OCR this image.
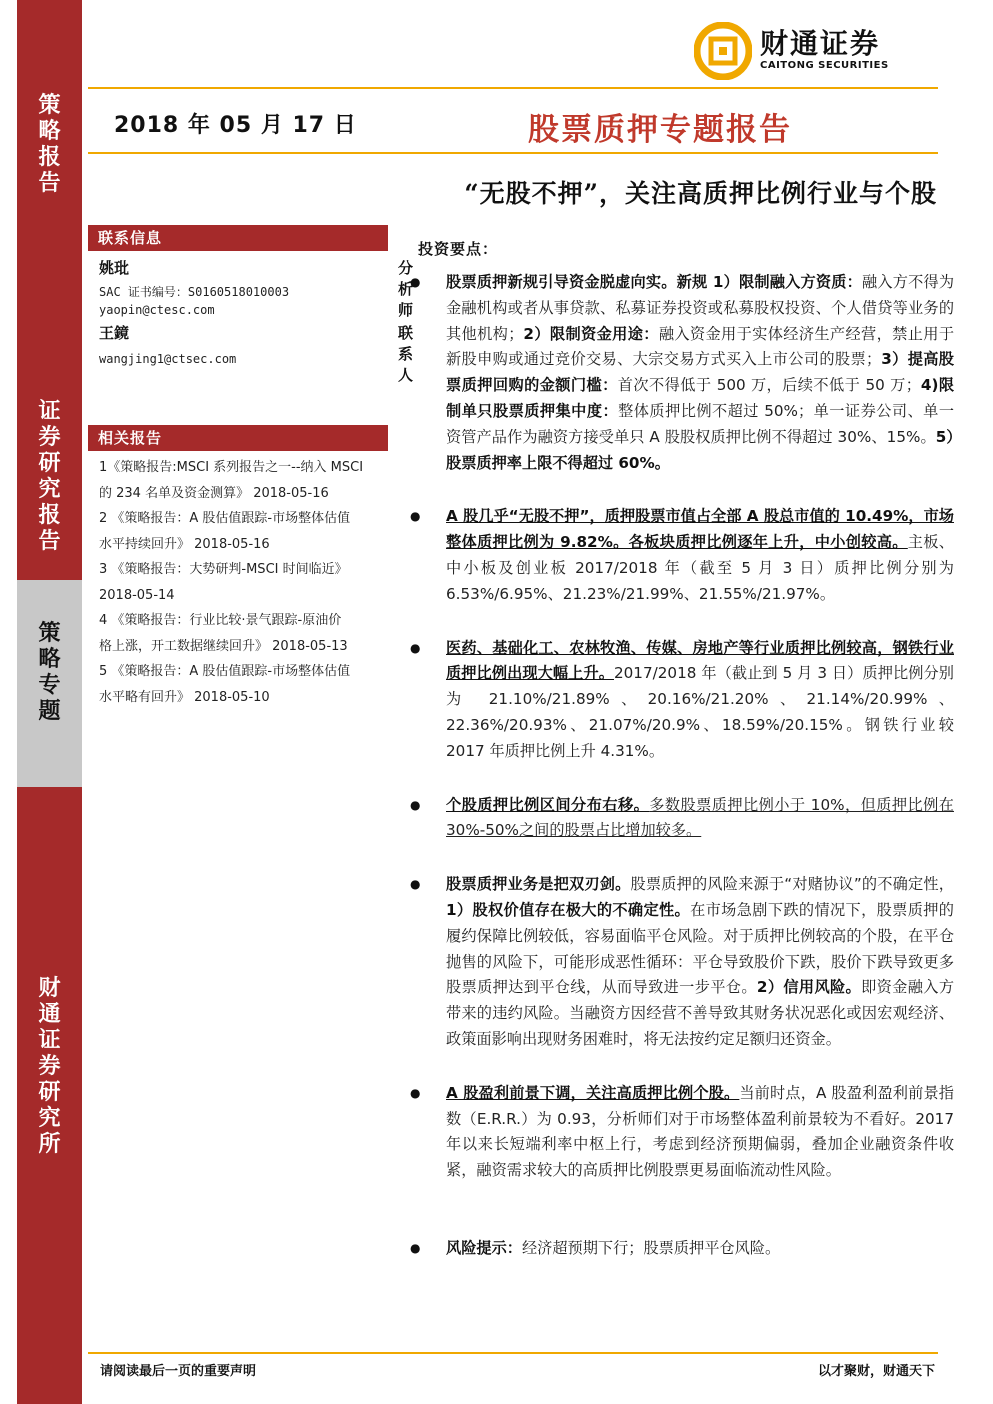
策
略
报
告
证
券
研
究
报
告
策
略
专
题
财
通
证
券
研
究
所
财通证券
CAITONG SECURITIES
2018 年 05 月 17 日	股票质押专题报告
“无股不押”，关注高质押比例行业与个股
联系信息
姚玭	分析师
SAC 证书编号：S0160518010003
yaopin@ctesc.com
王鏡	联系人
wangjing1@ctsec.com
相关报告

1《策略报告:MSCI 系列报告之一--纳入 MSCI

的 234 名单及资金测算》 2018-05-16

2 《策略报告：A 股估值跟踪-市场整体估值

水平持续回升》 2018-05-16

3 《策略报告：大势研判-MSCI 时间临近》

2018-05-14

4 《策略报告：行业比较·景气跟踪-原油价

格上涨，开工数据继续回升》 2018-05-13

5 《策略报告：A 股估值跟踪-市场整体估值

水平略有回升》 2018-05-10

投资要点：
● 股票质押新规引导资金脱虚向实。新规 1）限制融入方资质：融入方不得为金融机构或者从事贷款、私募证券投资或私募股权投资、个人借贷等业务的其他机构；2）限制资金用途：融入资金用于实体经济生产经营，禁止用于新股申购或通过竞价交易、大宗交易方式买入上市公司的股票；3）提高股票质押回购的金额门槛：首次不得低于 500 万，后续不低于 50 万；4)限制单只股票质押集中度：整体质押比例不超过 50%；单一证券公司、单一资管产品作为融资方接受单只 A 股股权质押比例不得超过 30%、15%。5）股票质押率上限不得超过 60%。
● A 股几乎“无股不押”，质押股票市值占全部 A 股总市值的 10.49%，市场整体质押比例为 9.82%。各板块质押比例逐年上升，中小创较高。主板、中小板及创业板 2017/2018 年（截至 5 月 3 日）质押比例分别为 6.53%/6.95%、21.23%/21.99%、21.55%/21.97%。
● 医药、基础化工、农林牧渔、传媒、房地产等行业质押比例较高，钢铁行业质押比例出现大幅上升。2017/2018 年（截止到 5 月 3 日）质押比例分别为 21.10%/21.89%、20.16%/21.20%、21.14%/20.99%、22.36%/20.93%、21.07%/20.9%、18.59%/20.15%。钢铁行业较 2017 年质押比例上升 4.31%。
● 个股质押比例区间分布右移。多数股票质押比例小于 10%，但质押比例在 30%-50%之间的股票占比增加较多。
● 股票质押业务是把双刃剑。股票质押的风险来源于“对赌协议”的不确定性，1）股权价值存在极大的不确定性。在市场急剧下跌的情况下，股票质押的履约保障比例较低，容易面临平仓风险。对于质押比例较高的个股，在平仓抛售的风险下，可能形成恶性循环：平仓导致股价下跌，股价下跌导致更多股票质押达到平仓线，从而导致进一步平仓。2）信用风险。即资金融入方带来的违约风险。当融资方因经营不善导致其财务状况恶化或因宏观经济、政策面影响出现财务困难时，将无法按约定足额归还资金。
● A 股盈利前景下调，关注高质押比例个股。当前时点，A 股盈利盈利前景指数（E.R.R.）为 0.93，分析师们对于市场整体盈利前景较为不看好。2017 年以来长短端利率中枢上行，考虑到经济预期偏弱，叠加企业融资条件收紧，融资需求较大的高质押比例股票更易面临流动性风险。
● 风险提示：经济超预期下行；股票质押平仓风险。
请阅读最后一页的重要声明	以才聚财，财通天下
